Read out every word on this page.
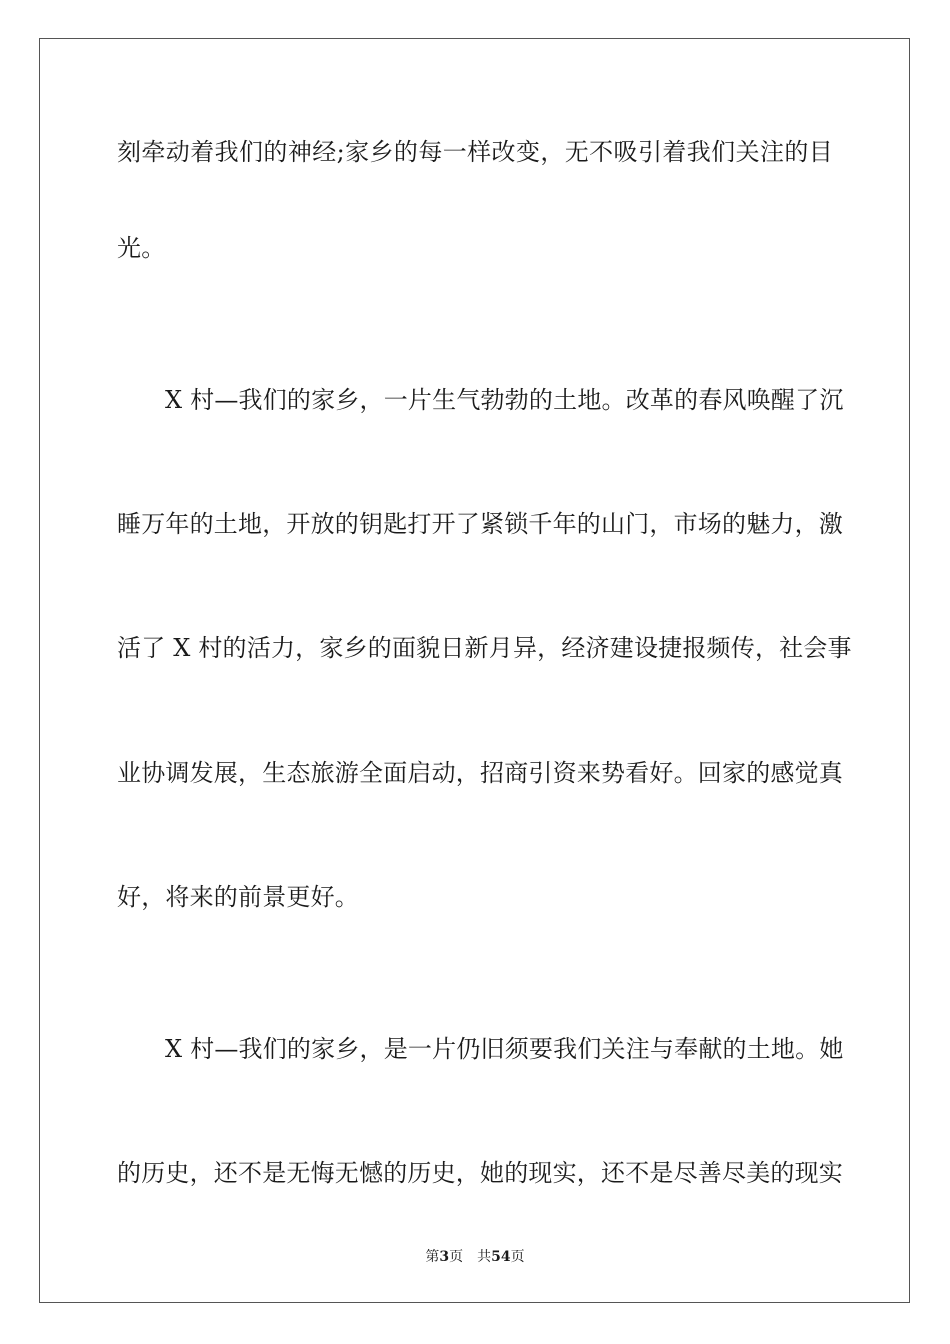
刻牵动着我们的神经;家乡的每一样改变，无不吸引着我们关注的目
光。
X 村—我们的家乡，一片生气勃勃的土地。改革的春风唤醒了沉
睡万年的土地，开放的钥匙打开了紧锁千年的山门，市场的魅力，激
活了 X 村的活力，家乡的面貌日新月异，经济建设捷报频传，社会事
业协调发展，生态旅游全面启动，招商引资来势看好。回家的感觉真
好，将来的前景更好。
X 村—我们的家乡，是一片仍旧须要我们关注与奉献的土地。她
的历史，还不是无悔无憾的历史，她的现实，还不是尽善尽美的现实
第3页 共54页
